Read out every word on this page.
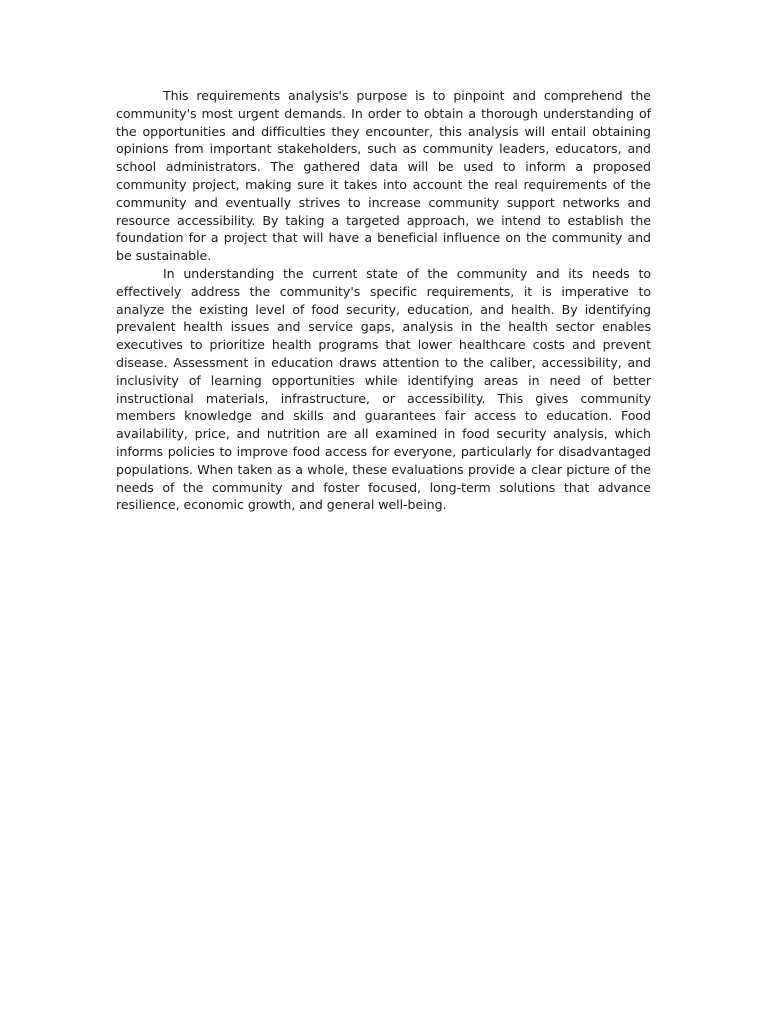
This requirements analysis's purpose is to pinpoint and comprehend the community's most urgent demands. In order to obtain a thorough understanding of the opportunities and difficulties they encounter, this analysis will entail obtaining opinions from important stakeholders, such as community leaders, educators, and school administrators. The gathered data will be used to inform a proposed community project, making sure it takes into account the real requirements of the community and eventually strives to increase community support networks and resource accessibility. By taking a targeted approach, we intend to establish the foundation for a project that will have a beneficial influence on the community and be sustainable.

In understanding the current state of the community and its needs to effectively address the community's specific requirements, it is imperative to analyze the existing level of food security, education, and health. By identifying prevalent health issues and service gaps, analysis in the health sector enables executives to prioritize health programs that lower healthcare costs and prevent disease. Assessment in education draws attention to the caliber, accessibility, and inclusivity of learning opportunities while identifying areas in need of better instructional materials, infrastructure, or accessibility. This gives community members knowledge and skills and guarantees fair access to education. Food availability, price, and nutrition are all examined in food security analysis, which informs policies to improve food access for everyone, particularly for disadvantaged populations. When taken as a whole, these evaluations provide a clear picture of the needs of the community and foster focused, long-term solutions that advance resilience, economic growth, and general well-being.
